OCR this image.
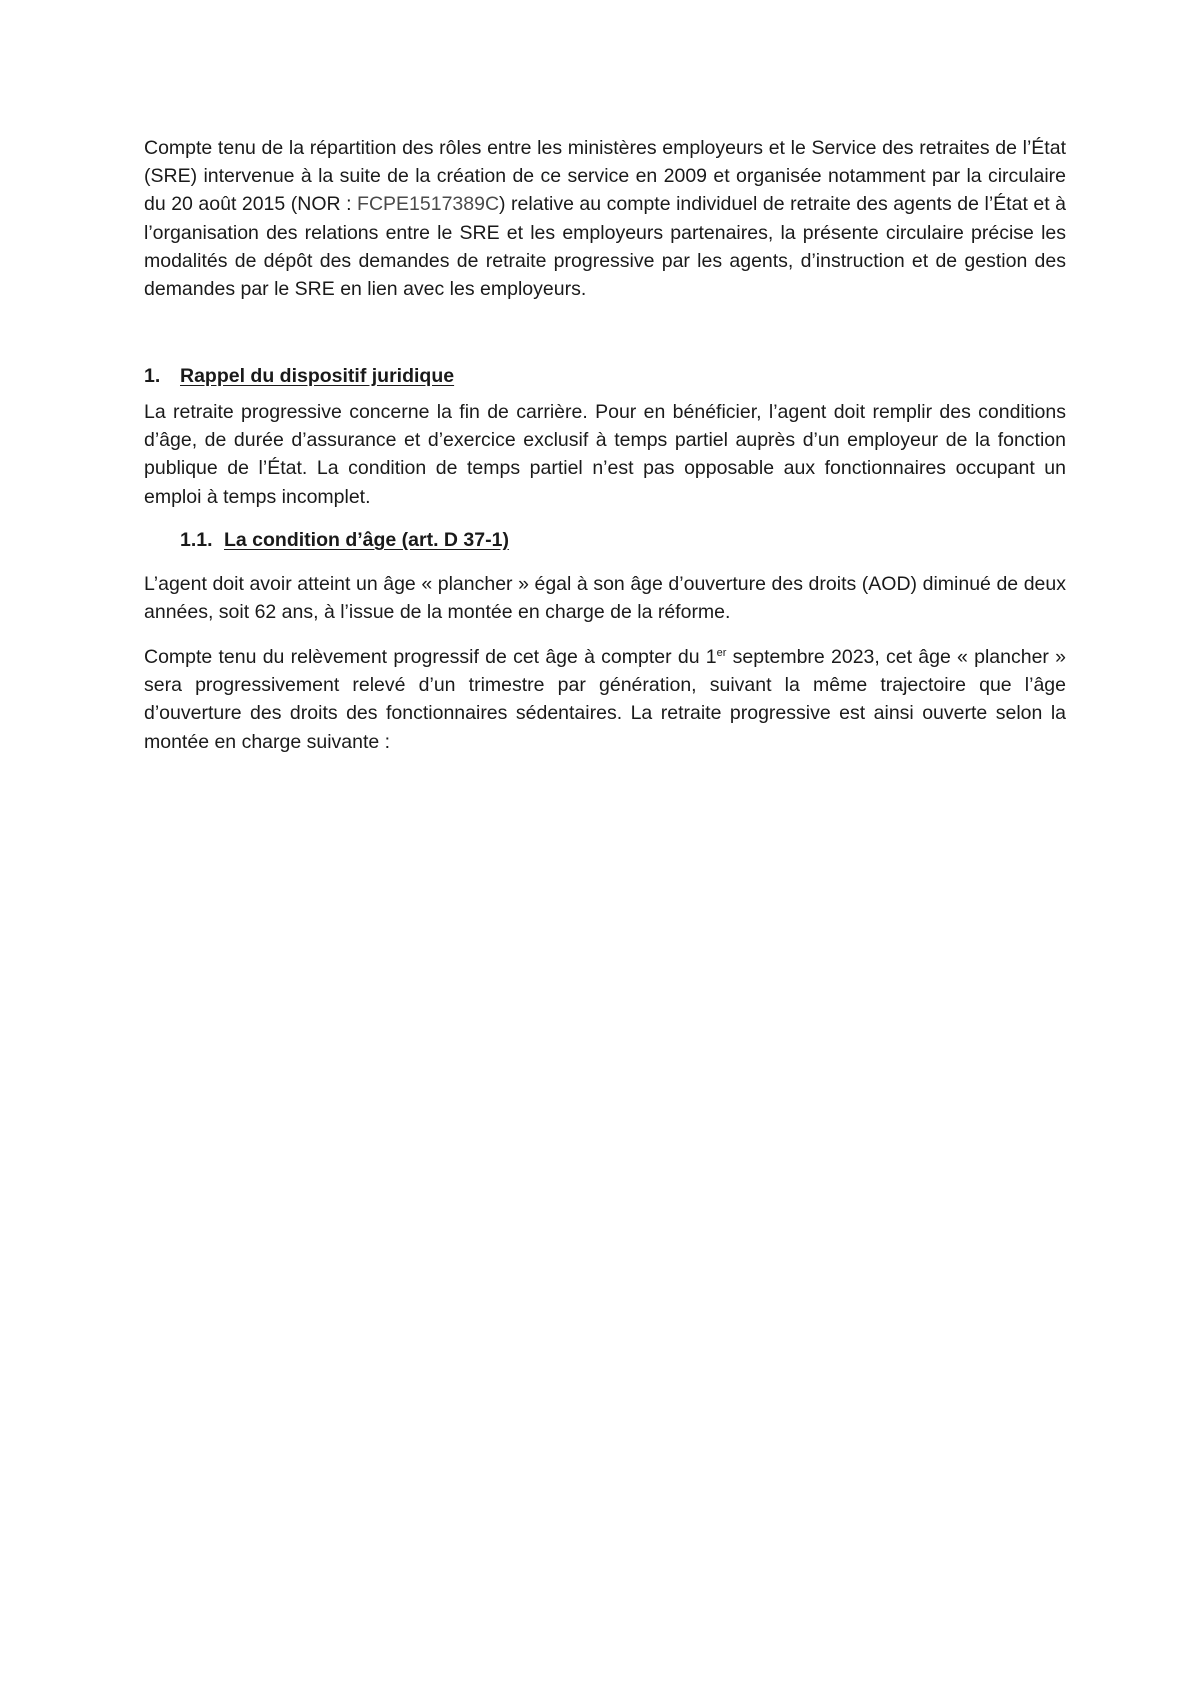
Compte tenu de la répartition des rôles entre les ministères employeurs et le Service des retraites de l’État (SRE) intervenue à la suite de la création de ce service en 2009 et organisée notamment par la circulaire du 20 août 2015 (NOR : FCPE1517389C) relative au compte individuel de retraite des agents de l’État et à l’organisation des relations entre le SRE et les employeurs partenaires, la présente circulaire précise les modalités de dépôt des demandes de retraite progressive par les agents, d’instruction et de gestion des demandes par le SRE en lien avec les employeurs.

1. Rappel du dispositif juridique

La retraite progressive concerne la fin de carrière. Pour en bénéficier, l’agent doit remplir des conditions d’âge, de durée d’assurance et d’exercice exclusif à temps partiel auprès d’un employeur de la fonction publique de l’État. La condition de temps partiel n’est pas opposable aux fonctionnaires occupant un emploi à temps incomplet.

1.1. La condition d’âge (art. D 37-1)

L’agent doit avoir atteint un âge « plancher » égal à son âge d’ouverture des droits (AOD) diminué de deux années, soit 62 ans, à l’issue de la montée en charge de la réforme.

Compte tenu du relèvement progressif de cet âge à compter du 1er septembre 2023, cet âge « plancher » sera progressivement relevé d’un trimestre par génération, suivant la même trajectoire que l’âge d’ouverture des droits des fonctionnaires sédentaires. La retraite progressive est ainsi ouverte selon la montée en charge suivante :
